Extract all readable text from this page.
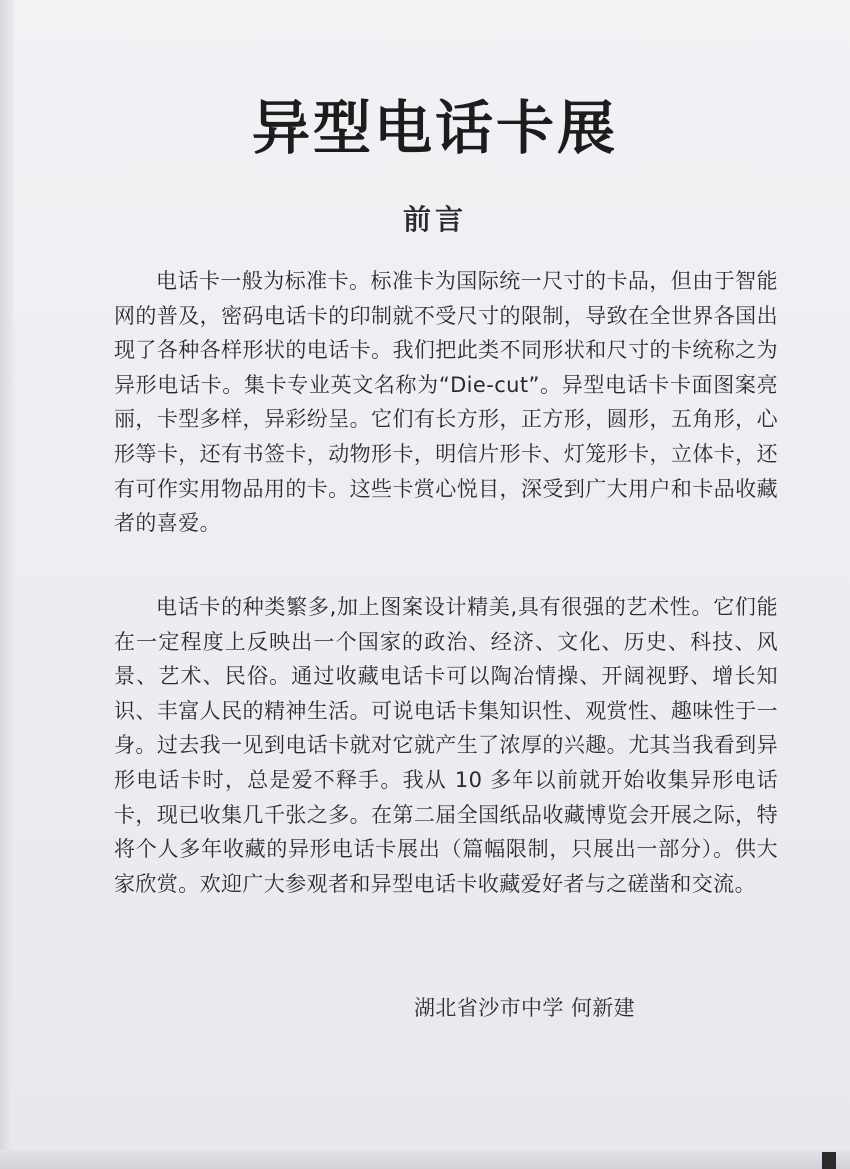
异型电话卡展
前言

电话卡一般为标准卡。标准卡为国际统一尺寸的卡品，但由于智能网的普及，密码电话卡的印制就不受尺寸的限制，导致在全世界各国出现了各种各样形状的电话卡。我们把此类不同形状和尺寸的卡统称之为异形电话卡。集卡专业英文名称为“Die-cut”。异型电话卡卡面图案亮丽，卡型多样，异彩纷呈。它们有长方形，正方形，圆形，五角形，心形等卡，还有书签卡，动物形卡，明信片形卡、灯笼形卡，立体卡，还有可作实用物品用的卡。这些卡赏心悦目，深受到广大用户和卡品收藏者的喜爱。

电话卡的种类繁多,加上图案设计精美,具有很强的艺术性。它们能在一定程度上反映出一个国家的政治、经济、文化、历史、科技、风景、艺术、民俗。通过收藏电话卡可以陶冶情操、开阔视野、增长知识、丰富人民的精神生活。可说电话卡集知识性、观赏性、趣味性于一身。过去我一见到电话卡就对它就产生了浓厚的兴趣。尤其当我看到异形电话卡时，总是爱不释手。我从 10 多年以前就开始收集异形电话卡，现已收集几千张之多。在第二届全国纸品收藏博览会开展之际，特将个人多年收藏的异形电话卡展出（篇幅限制，只展出一部分）。供大家欣赏。欢迎广大参观者和异型电话卡收藏爱好者与之磋凿和交流。

湖北省沙市中学 何新建
